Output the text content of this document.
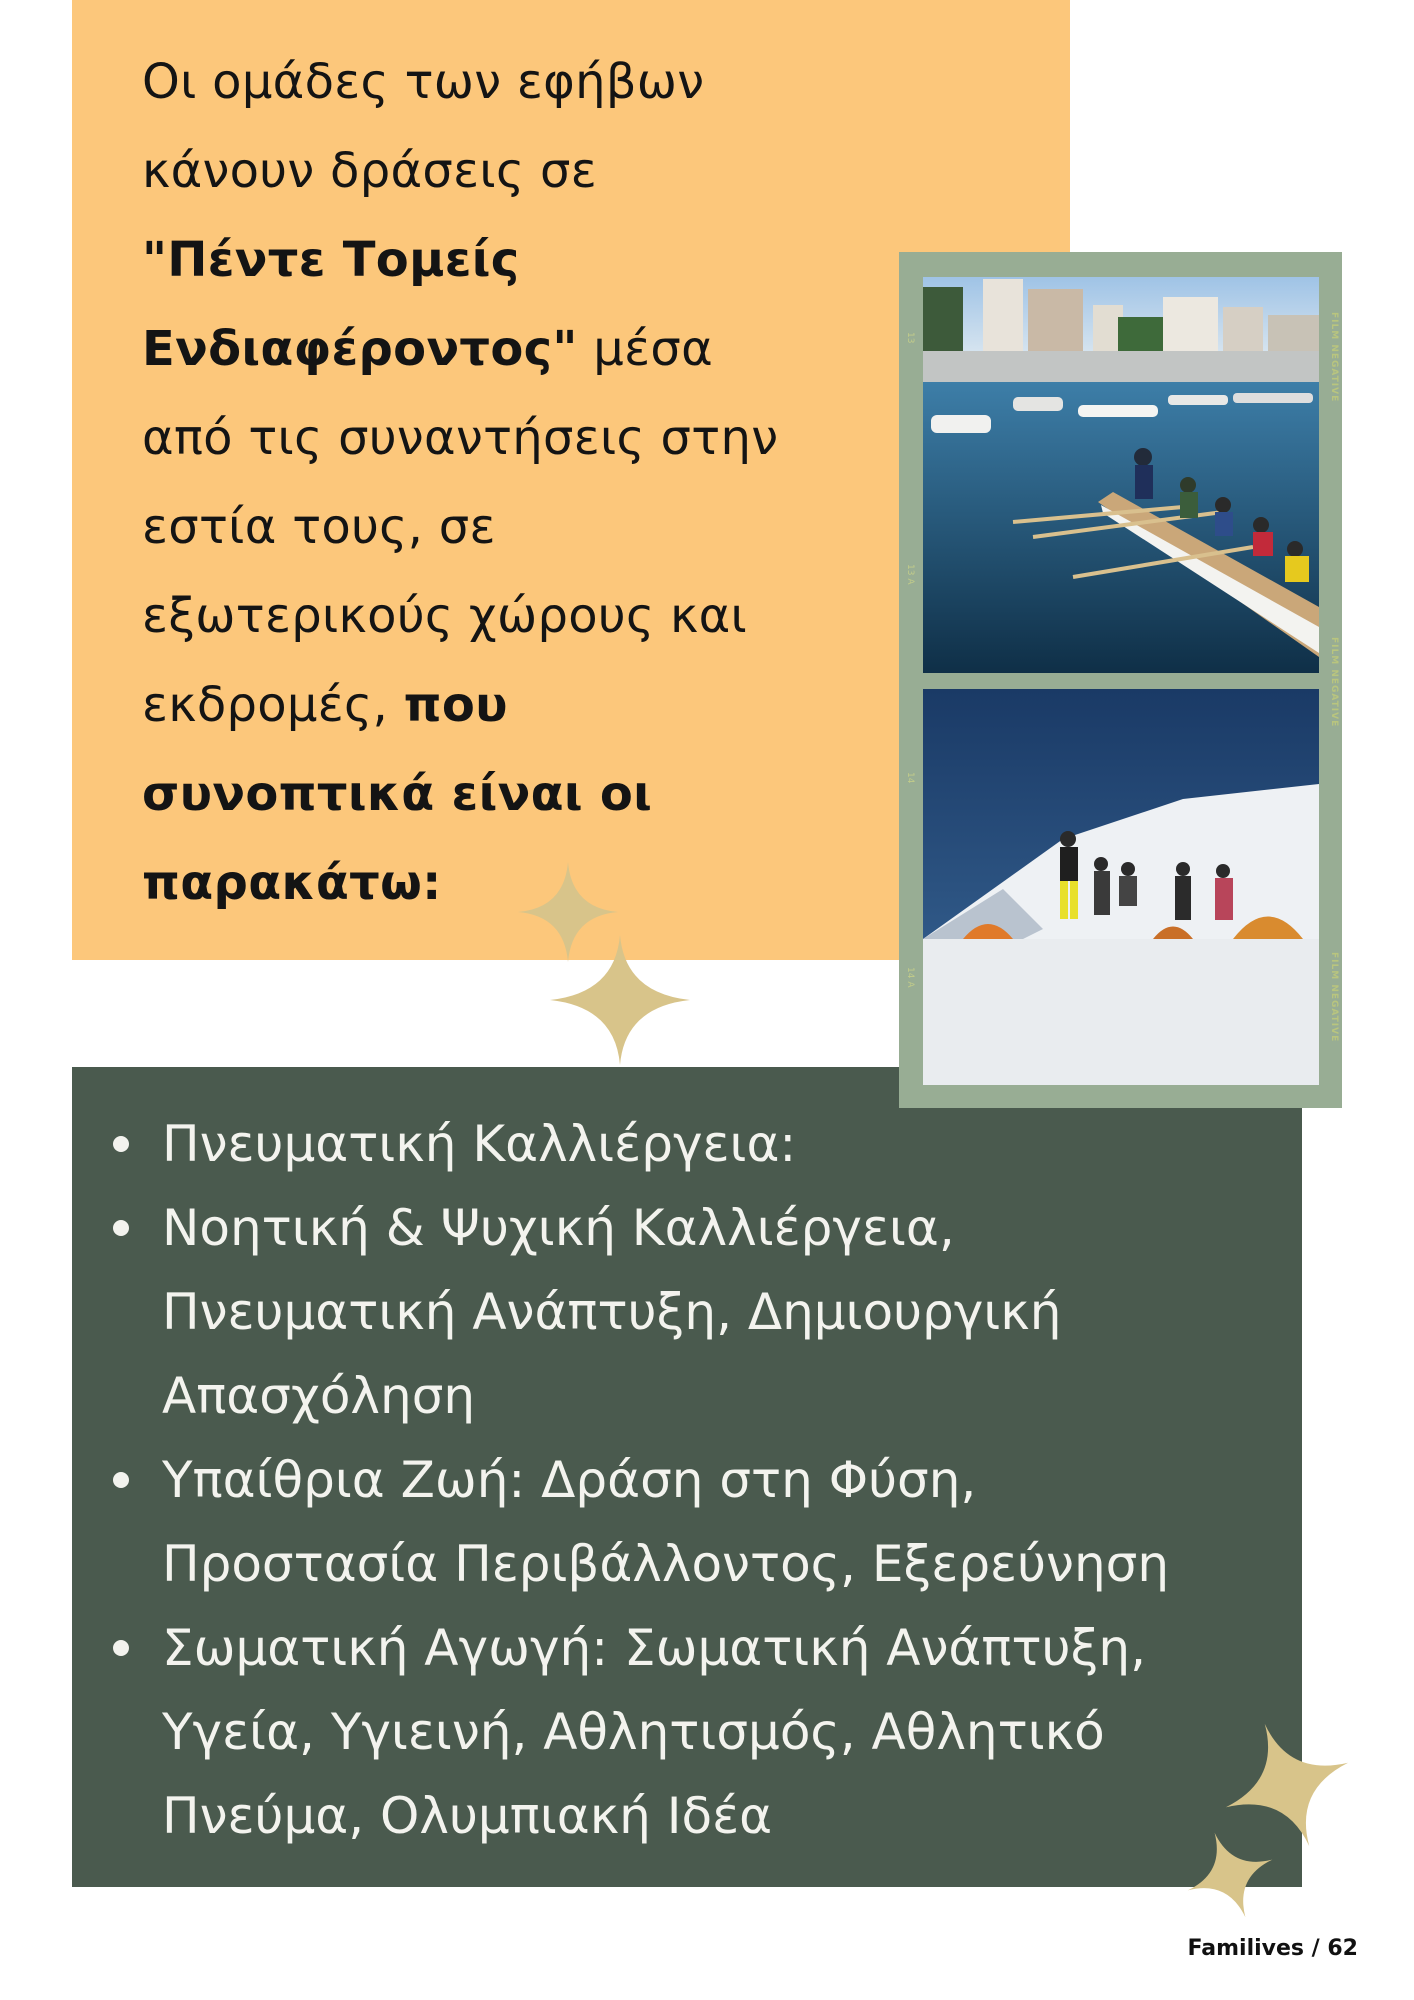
Οι ομάδες των εφήβων
κάνουν δράσεις σε
"Πέντε Τομείς Ενδιαφέροντος" μέσα από τις συναντήσεις στην εστία τους, σε εξωτερικούς χώρους και εκδρομές, που συνοπτικά είναι οι παρακάτω:

Πνευματική Καλλιέργεια:
Νοητική & Ψυχική Καλλιέργεια, Πνευματική Ανάπτυξη, Δημιουργική Απασχόληση
Υπαίθρια Ζωή: Δράση στη Φύση, Προστασία Περιβάλλοντος, Εξερεύνηση
Σωματική Αγωγή: Σωματική Ανάπτυξη, Υγεία, Υγιεινή, Αθλητισμός, Αθλητικό Πνεύμα, Ολυμπιακή Ιδέα
13
13 A
14
14 A
FILM NEGATIVE
FILM NEGATIVE
FILM NEGATIVE
Familives / 62
